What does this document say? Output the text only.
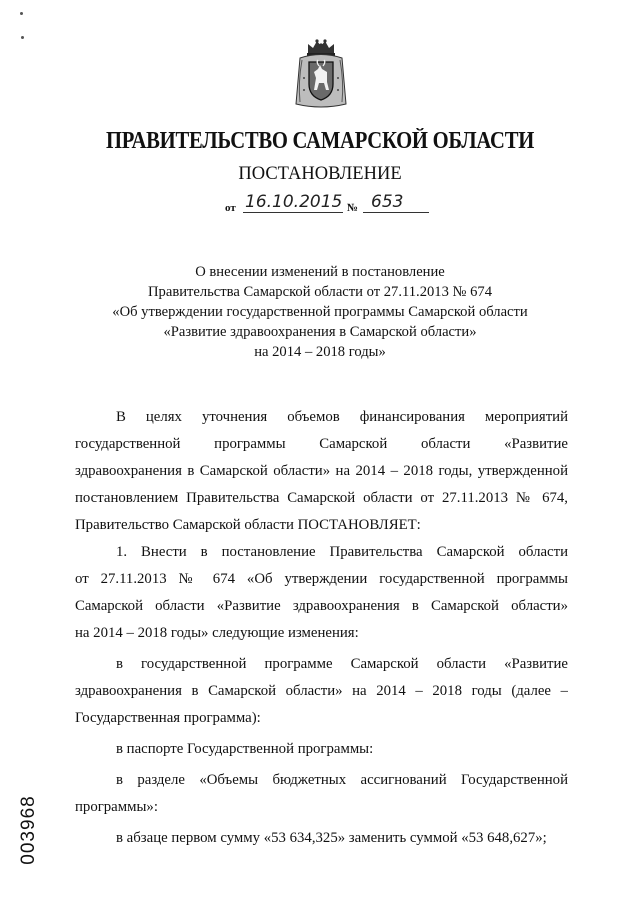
ПРАВИТЕЛЬСТВО САМАРСКОЙ ОБЛАСТИ
ПОСТАНОВЛЕНИЕ
от 16.10.2015 № 653
О внесении изменений в постановление
Правительства Самарской области от 27.11.2013 № 674
«Об утверждении государственной программы Самарской области
«Развитие здравоохранения в Самарской области»
на 2014 – 2018 годы»
В целях уточнения объемов финансирования мероприятий
государственной программы Самарской области «Развитие
здравоохранения в Самарской области» на 2014 – 2018 годы, утвержденной
постановлением Правительства Самарской области от 27.11.2013 № 674,
Правительство Самарской области ПОСТАНОВЛЯЕТ:
1. Внести в постановление Правительства Самарской области
от 27.11.2013 № 674 «Об утверждении государственной программы
Самарской области «Развитие здравоохранения в Самарской области»
на 2014 – 2018 годы» следующие изменения:
в государственной программе Самарской области «Развитие
здравоохранения в Самарской области» на 2014 – 2018 годы (далее –
Государственная программа):
в паспорте Государственной программы:
в разделе «Объемы бюджетных ассигнований Государственной
программы»:
в абзаце первом сумму «53 634,325» заменить суммой «53 648,627»;
003968
